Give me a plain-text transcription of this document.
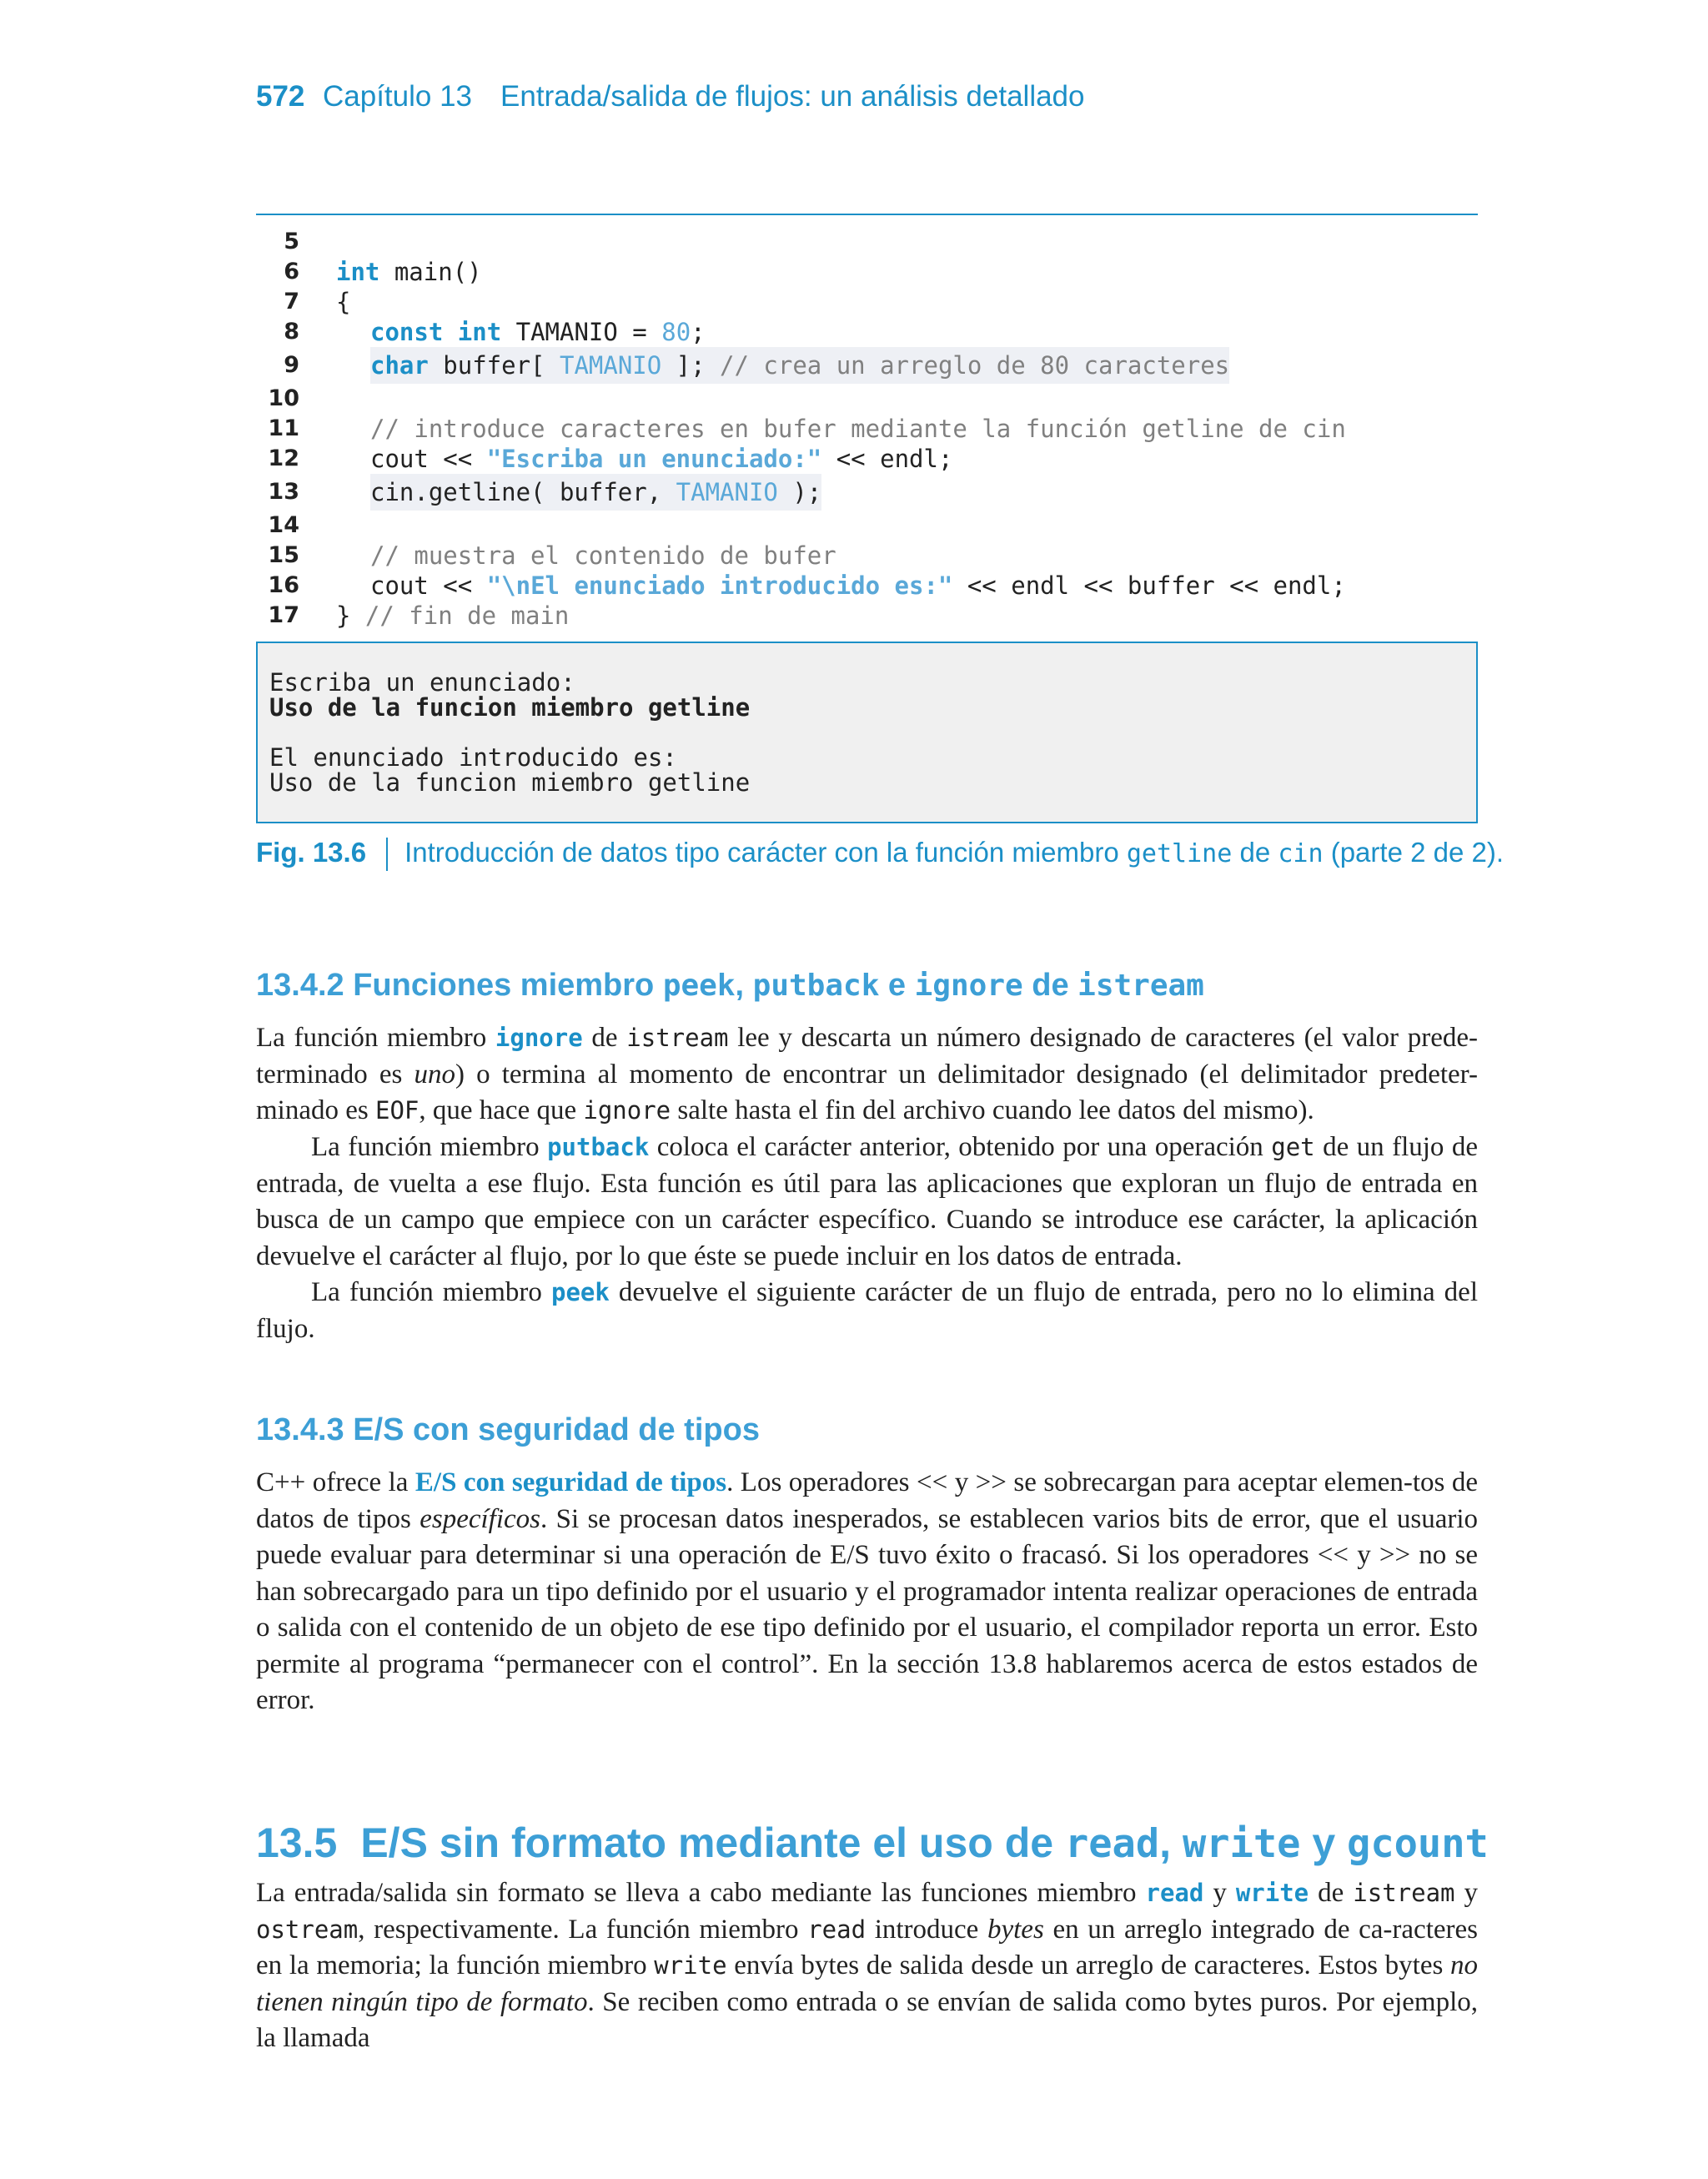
572 Capítulo 13 Entrada/salida de flujos: un análisis detallado
5
6 int main()
7 {
8	const int TAMANIO = 80;
9	char buffer[ TAMANIO ]; // crea un arreglo de 80 caracteres
10
11	// introduce caracteres en bufer mediante la función getline de cin
12	cout << "Escriba un enunciado:" << endl;
13	cin.getline( buffer, TAMANIO );
14
15	// muestra el contenido de bufer
16	cout << "\nEl enunciado introducido es:" << endl << buffer << endl;
17 } // fin de main
Escriba un enunciado:
Uso de la funcion miembro getline
El enunciado introducido es:
Uso de la funcion miembro getline
Fig. 13.6 Introducción de datos tipo carácter con la función miembro getline de cin (parte 2 de 2).
13.4.2 Funciones miembro peek, putback e ignore de istream
La función miembro ignore de istream lee y descarta un número designado de caracteres (el valor prede-terminado es uno) o termina al momento de encontrar un delimitador designado (el delimitador predeter-minado es EOF, que hace que ignore salte hasta el fin del archivo cuando lee datos del mismo).
La función miembro putback coloca el carácter anterior, obtenido por una operación get de un flujo de entrada, de vuelta a ese flujo. Esta función es útil para las aplicaciones que exploran un flujo de entrada en busca de un campo que empiece con un carácter específico. Cuando se introduce ese carácter, la aplicación devuelve el carácter al flujo, por lo que éste se puede incluir en los datos de entrada.
La función miembro peek devuelve el siguiente carácter de un flujo de entrada, pero no lo elimina del flujo.
13.4.3 E/S con seguridad de tipos
C++ ofrece la E/S con seguridad de tipos. Los operadores << y >> se sobrecargan para aceptar elemen-tos de datos de tipos específicos. Si se procesan datos inesperados, se establecen varios bits de error, que el usuario puede evaluar para determinar si una operación de E/S tuvo éxito o fracasó. Si los operadores << y >> no se han sobrecargado para un tipo definido por el usuario y el programador intenta realizar operaciones de entrada o salida con el contenido de un objeto de ese tipo definido por el usuario, el compilador reporta un error. Esto permite al programa “permanecer con el control”. En la sección 13.8 hablaremos acerca de estos estados de error.
13.5 E/S sin formato mediante el uso de read, write y gcount
La entrada/salida sin formato se lleva a cabo mediante las funciones miembro read y write de istream y ostream, respectivamente. La función miembro read introduce bytes en un arreglo integrado de ca-racteres en la memoria; la función miembro write envía bytes de salida desde un arreglo de caracteres. Estos bytes no tienen ningún tipo de formato. Se reciben como entrada o se envían de salida como bytes puros. Por ejemplo, la llamada
